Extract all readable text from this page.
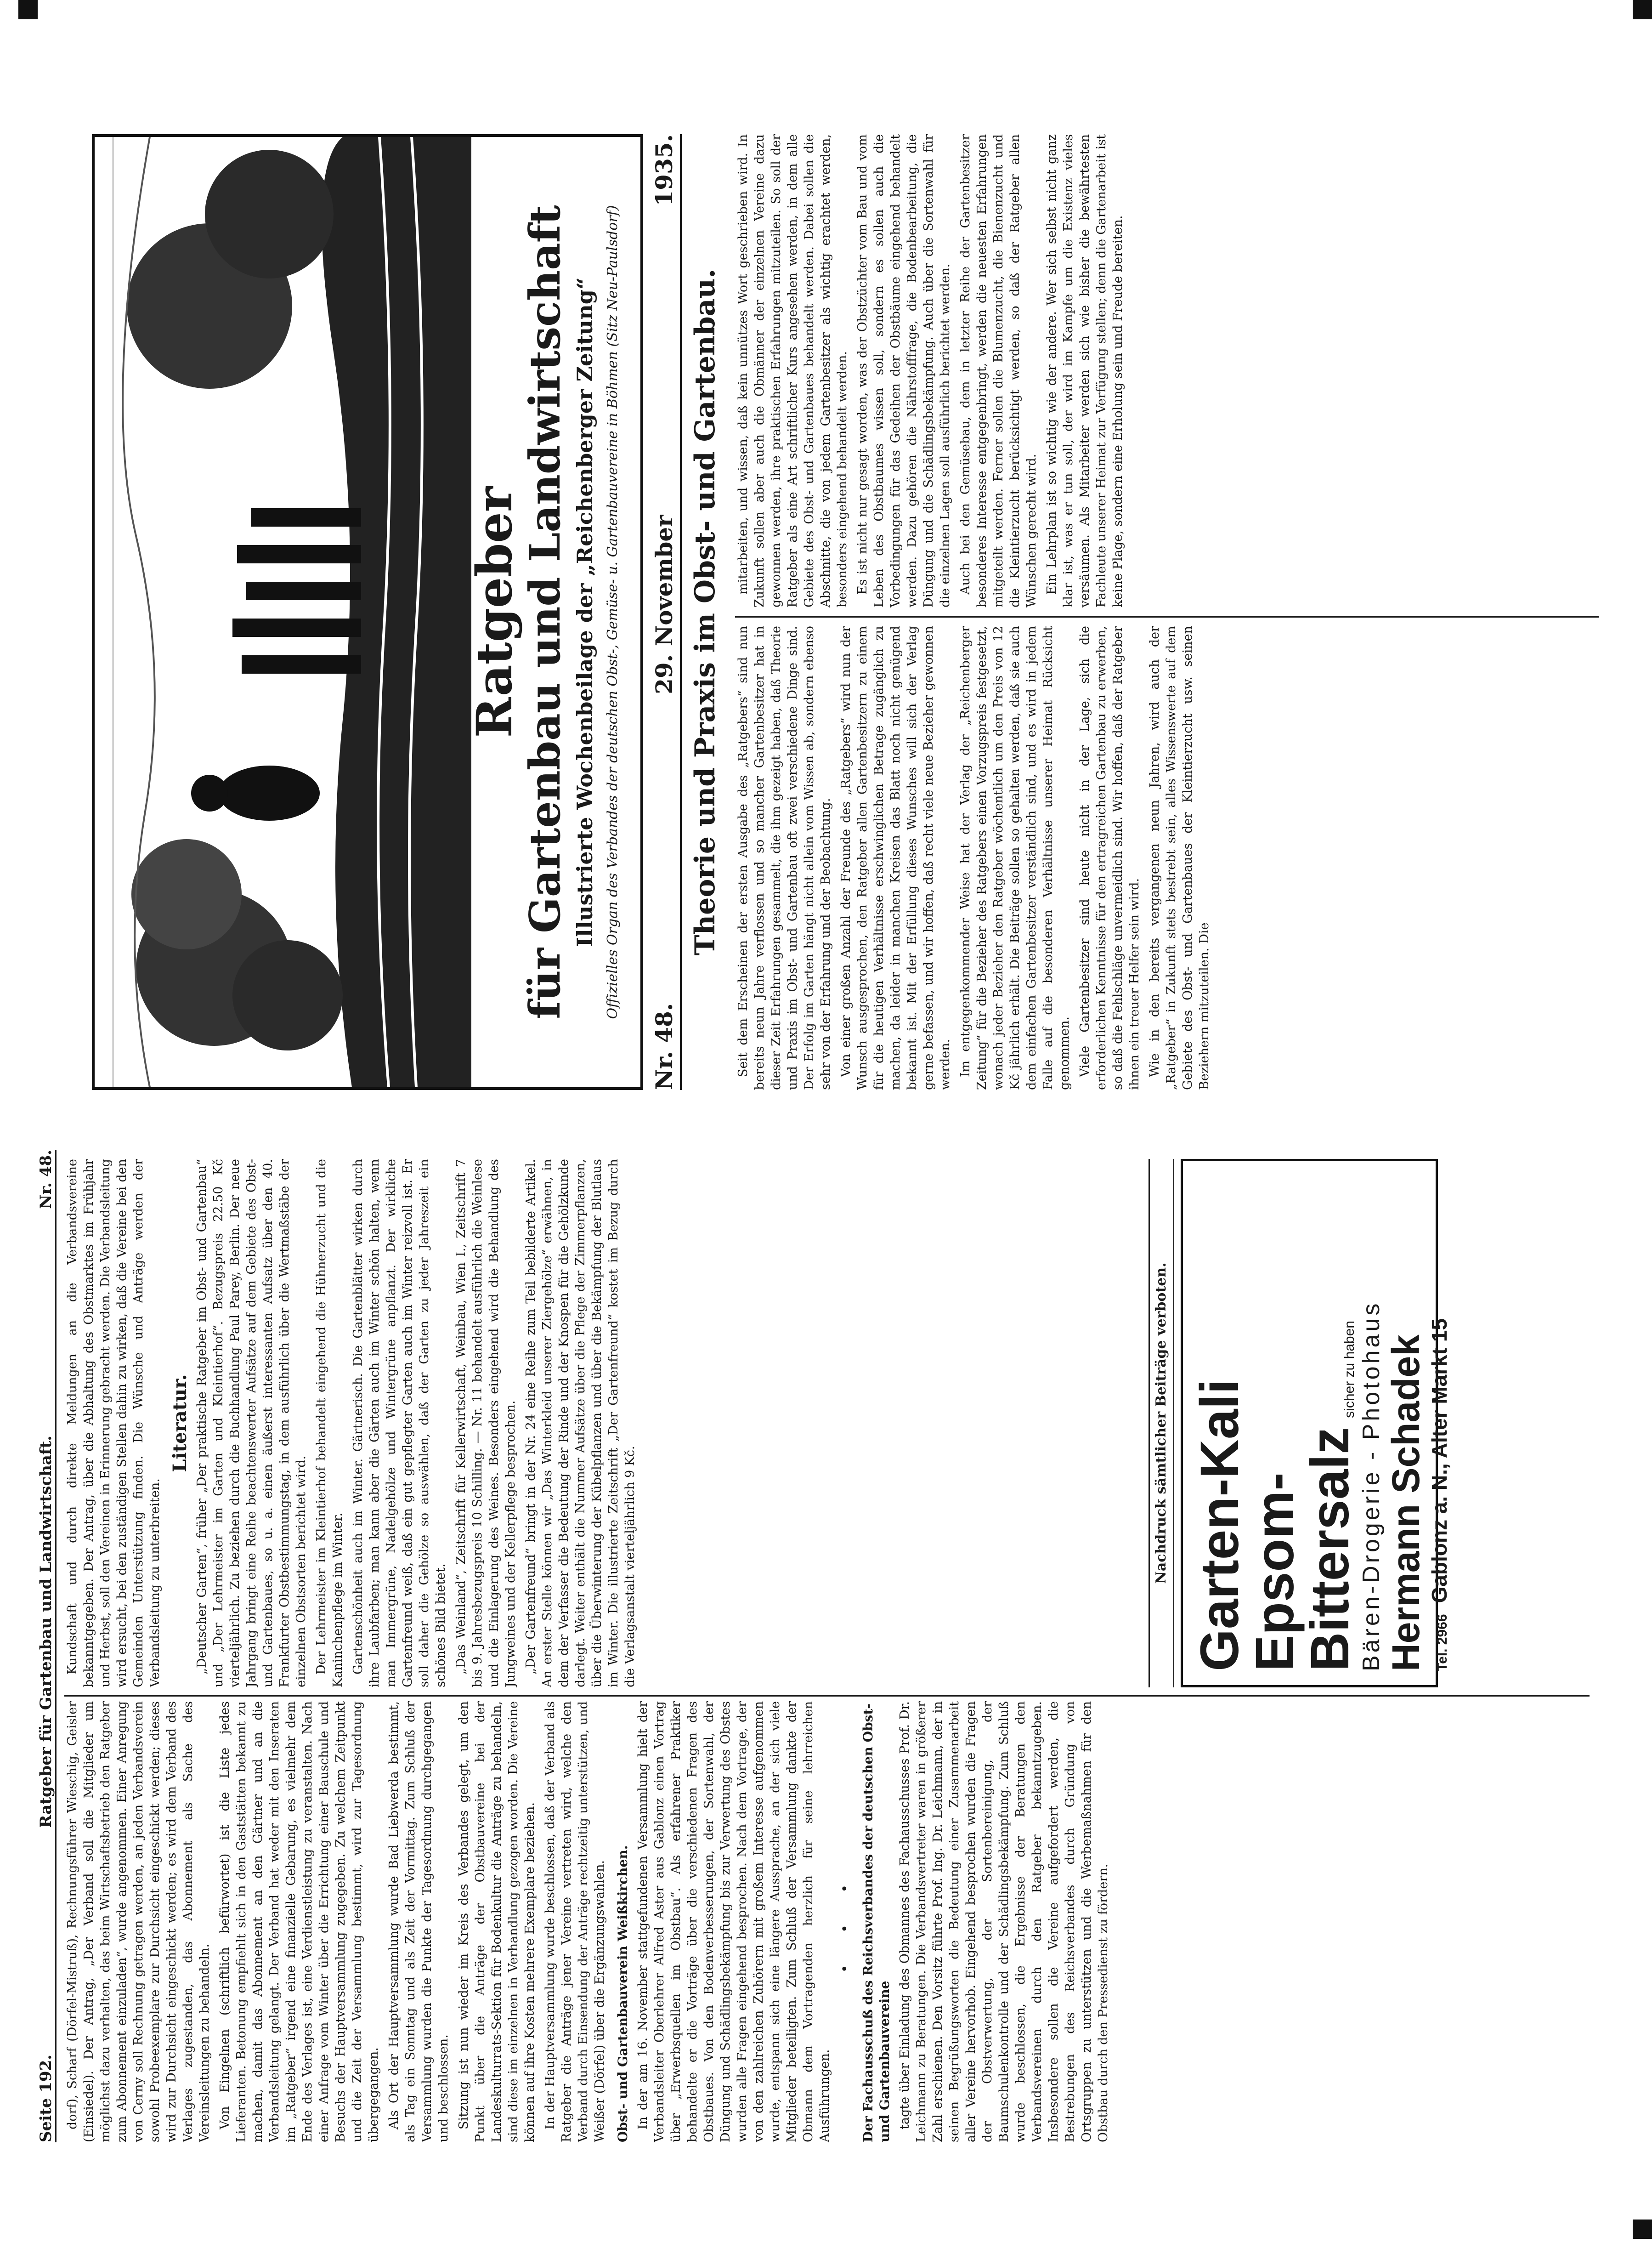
Seite 192.
Ratgeber für Gartenbau und Landwirtschaft.
Nr. 48.

dorf), Scharf (Dörfel-Mistruß), Rechnungsführer Wieschig, Geisler (Einsiedel). Der Antrag, „Der Verband soll die Mitglieder um möglichst dazu verhalten, das beim Wirtschaftsbetrieb den Ratgeber zum Abonnement einzuladen“, wurde angenommen. Einer Anregung von Cerny soll Rechnung getragen werden, an jeden Verbandsverein sowohl Probeexemplare zur Durchsicht eingeschickt werden; dieses wird zur Durchsicht eingeschickt werden; es wird dem Verband des Verlages zugestanden, das Abonnement als Sache des Vereinsleitungen zu behandeln. Von Eingelnen (schriftlich befürwortet) ist die Liste jedes Lieferanten. Betonung empfiehlt sich in den Gaststätten bekannt zu machen, damit das Abonnement an den Gärtner und an die Verbandsleitung gelangt. Der Verband hat weder mit den Inseraten im „Ratgeber“ irgend eine finanzielle Gebarung, es vielmehr dem Ende des Verlages ist, eine Verdienstleistung zu veranstalten. Nach einer Anfrage vom Winter über die Errichtung einer Bauschule und Besuchs der Hauptversammlung zugegeben. Zu welchem Zeitpunkt und die Zeit der Versammlung bestimmt, wird zur Tagesordnung übergegangen. Als Ort der Hauptversammlung wurde Bad Liebwerda bestimmt, als Tag ein Sonntag und als Zeit der Vormittag. Zum Schluß der Versammlung wurden die Punkte der Tagesordnung durchgegangen und beschlossen. Sitzung ist nun wieder im Kreis des Verbandes gelegt, um den Punkt über die Anträge der Obstbauvereine bei der Landeskulturrats-Sektion für Bodenkultur die Anträge zu behandeln, sind diese im einzelnen in Verhandlung gezogen worden. Die Vereine können auf ihre Kosten mehrere Exemplare beziehen. In der Hauptversammlung wurde beschlossen, daß der Verband als Ratgeber die Anträge jener Vereine vertreten wird, welche den Verband durch Einsendung der Anträge rechtzeitig unterstützen, und Weißer (Dörfel) über die Ergänzungswahlen. Obst- und Gartenbauverein Weißkirchen. In der am 16. November stattgefundenen Versammlung hielt der Verbandsleiter Oberlehrer Alfred Aster aus Gablonz einen Vortrag über „Erwerbsquellen im Obstbau“. Als erfahrener Praktiker behandelte er die Vorträge über die verschiedenen Fragen des Obstbaues. Von den Bodenverbesserungen, der Sortenwahl, der Düngung und Schädlingsbekämpfung bis zur Verwertung des Obstes wurden alle Fragen eingehend besprochen. Nach dem Vortrage, der von den zahlreichen Zuhörern mit großem Interesse aufgenommen wurde, entspann sich eine längere Aussprache, an der sich viele Mitglieder beteiligten. Zum Schluß der Versammlung dankte der Obmann dem Vortragenden herzlich für seine lehrreichen Ausführungen.

• • • Der Fachausschuß des Reichsverbandes der deutschen Obst- und Gartenbauvereine tagte über Einladung des Obmannes des Fachausschusses Prof. Dr. Leichmann zu Beratungen. Die Verbandsvertreter waren in größerer Zahl erschienen. Den Vorsitz führte Prof. Ing. Dr. Leichmann, der in seinen Begrüßungsworten die Bedeutung einer Zusammenarbeit aller Vereine hervorhob. Eingehend besprochen wurden die Fragen der Obstverwertung, der Sortenbereinigung, der Baumschulenkontrolle und der Schädlingsbekämpfung. Zum Schluß wurde beschlossen, die Ergebnisse der Beratungen den Verbandsvereinen durch den Ratgeber bekanntzugeben. Insbesondere sollen die Vereine aufgefordert werden, die Bestrebungen des Reichsverbandes durch Gründung von Ortsgruppen zu unterstützen und die Werbemaßnahmen für den Obstbau durch den Pressedienst zu fördern.

Kundschaft und durch direkte Meldungen an die Verbandsvereine bekanntgegeben. Der Antrag, über die Abhaltung des Obstmarktes im Frühjahr und Herbst, soll den Vereinen in Erinnerung gebracht werden. Die Verbandsleitung wird ersucht, bei den zuständigen Stellen dahin zu wirken, daß die Vereine bei den Gemeinden Unterstützung finden. Die Wünsche und Anträge werden der Verbandsleitung zu unterbreiten.

Literatur. „Deutscher Garten“, früher „Der praktische Ratgeber im Obst- und Gartenbau“ und „Der Lehrmeister im Garten und Kleintierhof“. Bezugspreis 22.50 Kč vierteljährlich. Zu beziehen durch die Buchhandlung Paul Parey, Berlin. Der neue Jahrgang bringt eine Reihe beachtenswerter Aufsätze auf dem Gebiete des Obst- und Gartenbaues, so u. a. einen äußerst interessanten Aufsatz über den 40. Frankfurter Obstbestimmungstag, in dem ausführlich über die Wertmaßstäbe der einzelnen Obstsorten berichtet wird. Der Lehrmeister im Kleintierhof behandelt eingehend die Hühnerzucht und die Kaninchenpflege im Winter. Gartenschönheit auch im Winter. Gärtnerisch. Die Gartenblätter wirken durch ihre Laubfarben; man kann aber die Gärten auch im Winter schön halten, wenn man Immergrüne, Nadelgehölze und Wintergrüne anpflanzt. Der wirkliche Gartenfreund weiß, daß ein gut gepflegter Garten auch im Winter reizvoll ist. Er soll daher die Gehölze so auswählen, daß der Garten zu jeder Jahreszeit ein schönes Bild bietet. „Das Weinland“, Zeitschrift für Kellerwirtschaft, Weinbau, Wien I., Zeitschrift 7 bis 9. Jahresbezugspreis 10 Schilling. — Nr. 11 behandelt ausführlich die Weinlese und die Einlagerung des Weines. Besonders eingehend wird die Behandlung des Jungweines und der Kellerpflege besprochen. „Der Gartenfreund“ bringt in der Nr. 24 eine Reihe zum Teil bebilderte Artikel. An erster Stelle können wir „Das Winterkleid unserer Ziergehölze“ erwähnen, in dem der Verfasser die Bedeutung der Rinde und der Knospen für die Gehölzkunde darlegt. Weiter enthält die Nummer Aufsätze über die Pflege der Zimmerpflanzen, über die Überwinterung der Kübelpflanzen und über die Bekämpfung der Blutlaus im Winter. Die illustrierte Zeitschrift „Der Gartenfreund“ kostet im Bezug durch die Verlagsanstalt vierteljährlich 9 Kč.	Nachdruck sämtlicher Beiträge verboten. Garten-Kali
Epsom-
Bittersalz
sicher zu haben Bären-Drogerie - Photohaus Hermann Schadek Tel. 2966
Gablonz a. N., Alter Markt 15
Ratgeber
für Gartenbau und Landwirtschaft Illustrierte Wochenbeilage der „Reichenberger Zeitung“ Offizielles Organ des Verbandes der deutschen Obst-, Gemüse- u. Gartenbauvereine in Böhmen (Sitz Neu-Paulsdorf)
Nr. 48.
29. November
1935.
Theorie und Praxis im Obst- und Gartenbau. Seit dem Erscheinen der ersten Ausgabe des „Ratgebers“ sind nun bereits neun Jahre verflossen und so mancher Gartenbesitzer hat in dieser Zeit Erfahrungen gesammelt, die ihm gezeigt haben, daß Theorie und Praxis im Obst- und Gartenbau oft zwei verschiedene Dinge sind. Der Erfolg im Garten hängt nicht allein vom Wissen ab, sondern ebenso sehr von der Erfahrung und der Beobachtung. Von einer großen Anzahl der Freunde des „Ratgebers“ wird nun der Wunsch ausgesprochen, den Ratgeber allen Gartenbesitzern zu einem für die heutigen Verhältnisse erschwinglichen Betrage zugänglich zu machen, da leider in manchen Kreisen das Blatt noch nicht genügend bekannt ist. Mit der Erfüllung dieses Wunsches will sich der Verlag gerne befassen, und wir hoffen, daß recht viele neue Bezieher gewonnen werden. Im entgegenkommender Weise hat der Verlag der „Reichenberger Zeitung“ für die Bezieher des Ratgebers einen Vorzugspreis festgesetzt, wonach jeder Bezieher den Ratgeber wöchentlich um den Preis von 12 Kč jährlich erhält. Die Beiträge sollen so gehalten werden, daß sie auch dem einfachen Gartenbesitzer verständlich sind, und es wird in jedem Falle auf die besonderen Verhältnisse unserer Heimat Rücksicht genommen. Viele Gartenbesitzer sind heute nicht in der Lage, sich die erforderlichen Kenntnisse für den ertragreichen Gartenbau zu erwerben, so daß die Fehlschläge unvermeidlich sind. Wir hoffen, daß der Ratgeber ihnen ein treuer Helfer sein wird. Wie in den bereits vergangenen neun Jahren, wird auch der „Ratgeber“ in Zukunft stets bestrebt sein, alles Wissenswerte auf dem Gebiete des Obst- und Gartenbaues der Kleintierzucht usw. seinen Beziehern mitzuteilen. Die

mitarbeiten, und wissen, daß kein unnützes Wort geschrieben wird. In Zukunft sollen aber auch die Obmänner der einzelnen Vereine dazu gewonnen werden, ihre praktischen Erfahrungen mitzuteilen. So soll der Ratgeber als eine Art schriftlicher Kurs angesehen werden, in dem alle Gebiete des Obst- und Gartenbaues behandelt werden. Dabei sollen die Abschnitte, die von jedem Gartenbesitzer als wichtig erachtet werden, besonders eingehend behandelt werden. Es ist nicht nur gesagt worden, was der Obstzüchter vom Bau und vom Leben des Obstbaumes wissen soll, sondern es sollen auch die Vorbedingungen für das Gedeihen der Obstbäume eingehend behandelt werden. Dazu gehören die Nährstofffrage, die Bodenbearbeitung, die Düngung und die Schädlingsbekämpfung. Auch über die Sortenwahl für die einzelnen Lagen soll ausführlich berichtet werden. Auch bei den Gemüsebau, dem in letzter Reihe der Gartenbesitzer besonderes Interesse entgegenbringt, werden die neuesten Erfahrungen mitgeteilt werden. Ferner sollen die Blumenzucht, die Bienenzucht und die Kleintierzucht berücksichtigt werden, so daß der Ratgeber allen Wünschen gerecht wird. Ein Lehrplan ist so wichtig wie der andere. Wer sich selbst nicht ganz klar ist, was er tun soll, der wird im Kampfe um die Existenz vieles versäumen. Als Mitarbeiter werden sich wie bisher die bewährtesten Fachleute unserer Heimat zur Verfügung stellen; denn die Gartenarbeit ist keine Plage, sondern eine Erholung sein und Freude bereiten.
